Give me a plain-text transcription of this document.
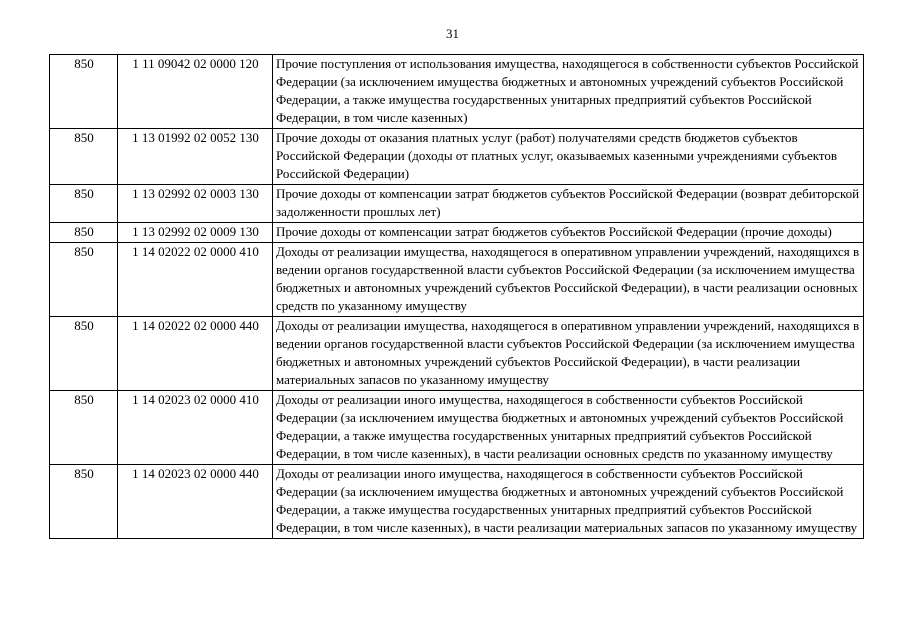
31
850	1 11 09042 02 0000 120	Прочие поступления от использования имущества, находящегося в собственности субъектов Российской Федерации (за исключением имущества бюджетных и автономных учреждений субъектов Российской Федерации, а также имущества государственных унитарных предприятий субъектов Российской Федерации, в том числе казенных)
850	1 13 01992 02 0052 130	Прочие доходы от оказания платных услуг (работ) получателями средств бюджетов субъектов Российской Федерации (доходы от платных услуг, оказываемых казенными учреждениями субъектов Российской Федерации)
850	1 13 02992 02 0003 130	Прочие доходы от компенсации затрат бюджетов субъектов Российской Федерации (возврат дебиторской задолженности прошлых лет)
850	1 13 02992 02 0009 130	Прочие доходы от компенсации затрат бюджетов субъектов Российской Федерации (прочие доходы)
850	1 14 02022 02 0000 410	Доходы от реализации имущества, находящегося в оперативном управлении учреждений, находящихся в ведении органов государственной власти субъектов Российской Федерации (за исключением имущества бюджетных и автономных учреждений субъектов Российской Федерации), в части реализации основных средств по указанному имуществу
850	1 14 02022 02 0000 440	Доходы от реализации имущества, находящегося в оперативном управлении учреждений, находящихся в ведении органов государственной власти субъектов Российской Федерации (за исключением имущества бюджетных и автономных учреждений субъектов Российской Федерации), в части реализации материальных запасов по указанному имуществу
850	1 14 02023 02 0000 410	Доходы от реализации иного имущества, находящегося в собственности субъектов Российской Федерации (за исключением имущества бюджетных и автономных учреждений субъектов Российской Федерации, а также имущества государственных унитарных предприятий субъектов Российской Федерации, в том числе казенных), в части реализации основных средств по указанному имуществу
850	1 14 02023 02 0000 440	Доходы от реализации иного имущества, находящегося в собственности субъектов Российской Федерации (за исключением имущества бюджетных и автономных учреждений субъектов Российской Федерации, а также имущества государственных унитарных предприятий субъектов Российской Федерации, в том числе казенных), в части реализации материальных запасов по указанному имуществу
